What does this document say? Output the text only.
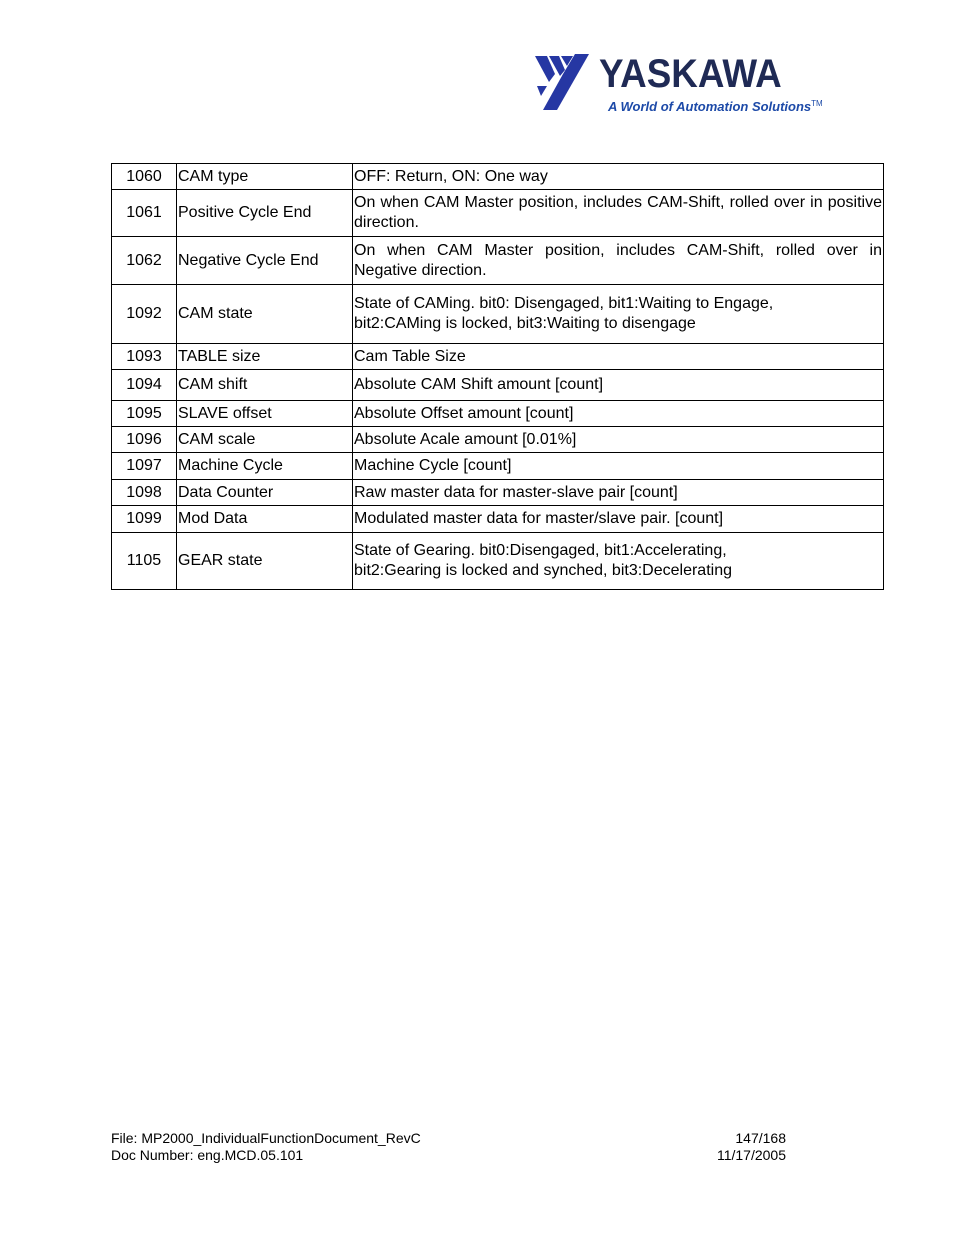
YASKAWA
A World of Automation Solutions™
1060	CAM type	OFF: Return, ON: One way
1061	Positive Cycle End	On when CAM Master position, includes CAM-Shift, rolled over in positive direction.
1062	Negative Cycle End	On when CAM Master position, includes CAM-Shift, rolled over in Negative direction.
1092	CAM state	State of CAMing. bit0: Disengaged, bit1:Waiting to Engage,
bit2:CAMing is locked, bit3:Waiting to disengage

1093	TABLE size	Cam Table Size
1094	CAM shift	Absolute CAM Shift amount [count]
1095	SLAVE offset	Absolute Offset amount [count]
1096	CAM scale	Absolute Acale amount [0.01%]
1097	Machine Cycle	Machine Cycle [count]
1098	Data Counter	Raw master data for master-slave pair [count]
1099	Mod Data	Modulated master data for master/slave pair. [count]
1105	GEAR state	State of Gearing. bit0:Disengaged, bit1:Accelerating,
bit2:Gearing is locked and synched, bit3:Decelerating
File: MP2000_IndividualFunctionDocument_RevC
Doc Number: eng.MCD.05.101
147/168
11/17/2005
